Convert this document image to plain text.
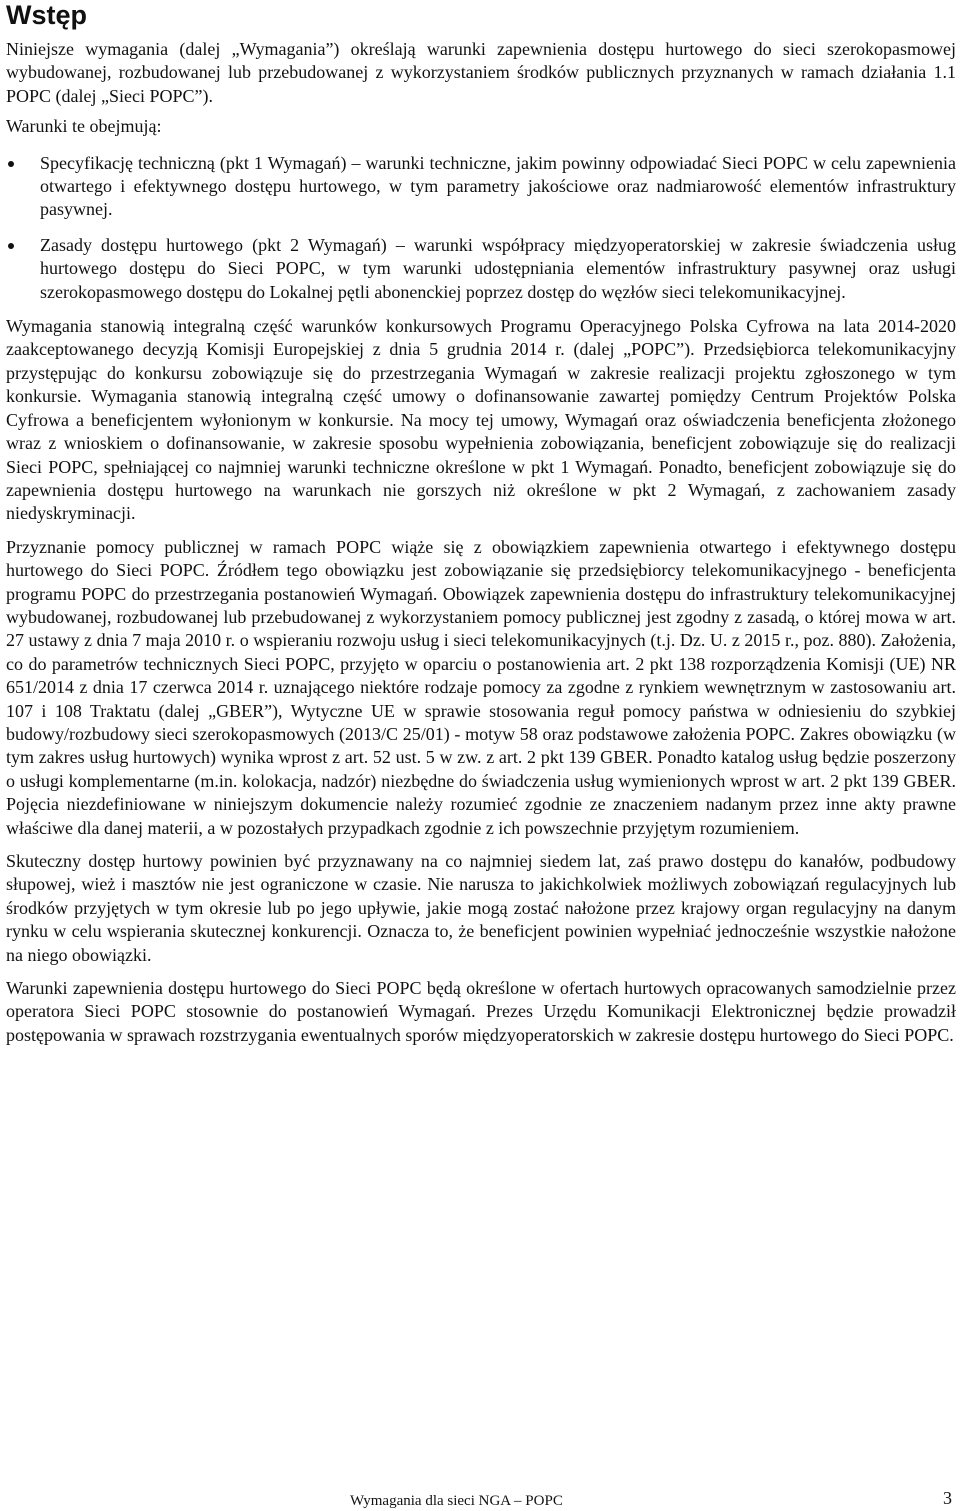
Wstęp

Niniejsze wymagania (dalej „Wymagania”) określają warunki zapewnienia dostępu hurtowego do sieci szerokopasmowej wybudowanej, rozbudowanej lub przebudowanej z wykorzystaniem środków publicznych przyznanych w ramach działania 1.1 POPC (dalej „Sieci POPC”).

Warunki te obejmują:

Specyfikację techniczną (pkt 1 Wymagań) – warunki techniczne, jakim powinny odpowiadać Sieci POPC w celu zapewnienia otwartego i efektywnego dostępu hurtowego, w tym parametry jakościowe oraz nadmiarowość elementów infrastruktury pasywnej.
Zasady dostępu hurtowego (pkt 2 Wymagań) – warunki współpracy międzyoperatorskiej w zakresie świadczenia usług hurtowego dostępu do Sieci POPC, w tym warunki udostępniania elementów infrastruktury pasywnej oraz usługi szerokopasmowego dostępu do Lokalnej pętli abonenckiej poprzez dostęp do węzłów sieci telekomunikacyjnej.

Wymagania stanowią integralną część warunków konkursowych Programu Operacyjnego Polska Cyfrowa na lata 2014-2020 zaakceptowanego decyzją Komisji Europejskiej z dnia 5 grudnia 2014 r. (dalej „POPC”). Przedsiębiorca telekomunikacyjny przystępując do konkursu zobowiązuje się do przestrzegania Wymagań w zakresie realizacji projektu zgłoszonego w tym konkursie. Wymagania stanowią integralną część umowy o dofinansowanie zawartej pomiędzy Centrum Projektów Polska Cyfrowa a beneficjentem wyłonionym w konkursie. Na mocy tej umowy, Wymagań oraz oświadczenia beneficjenta złożonego wraz z wnioskiem o dofinansowanie, w zakresie sposobu wypełnienia zobowiązania, beneficjent zobowiązuje się do realizacji Sieci POPC, spełniającej co najmniej warunki techniczne określone w pkt 1 Wymagań. Ponadto, beneficjent zobowiązuje się do zapewnienia dostępu hurtowego na warunkach nie gorszych niż określone w pkt 2 Wymagań, z zachowaniem zasady niedyskryminacji.

Przyznanie pomocy publicznej w ramach POPC wiąże się z obowiązkiem zapewnienia otwartego i efektywnego dostępu hurtowego do Sieci POPC. Źródłem tego obowiązku jest zobowiązanie się przedsiębiorcy telekomunikacyjnego - beneficjenta programu POPC do przestrzegania postanowień Wymagań. Obowiązek zapewnienia dostępu do infrastruktury telekomunikacyjnej wybudowanej, rozbudowanej lub przebudowanej z wykorzystaniem pomocy publicznej jest zgodny z zasadą, o której mowa w art. 27 ustawy z dnia 7 maja 2010 r. o wspieraniu rozwoju usług i sieci telekomunikacyjnych (t.j. Dz. U. z 2015 r., poz. 880). Założenia, co do parametrów technicznych Sieci POPC, przyjęto w oparciu o postanowienia art. 2 pkt 138 rozporządzenia Komisji (UE) NR 651/2014 z dnia 17 czerwca 2014 r. uznającego niektóre rodzaje pomocy za zgodne z rynkiem wewnętrznym w zastosowaniu art. 107 i 108 Traktatu (dalej „GBER”), Wytyczne UE w sprawie stosowania reguł pomocy państwa w odniesieniu do szybkiej budowy/rozbudowy sieci szerokopasmowych (2013/C 25/01) - motyw 58 oraz podstawowe założenia POPC. Zakres obowiązku (w tym zakres usług hurtowych) wynika wprost z art. 52 ust. 5 w zw. z art. 2 pkt 139 GBER. Ponadto katalog usług będzie poszerzony o usługi komplementarne (m.in. kolokacja, nadzór) niezbędne do świadczenia usług wymienionych wprost w art. 2 pkt 139 GBER. Pojęcia niezdefiniowane w niniejszym dokumencie należy rozumieć zgodnie ze znaczeniem nadanym przez inne akty prawne właściwe dla danej materii, a w pozostałych przypadkach zgodnie z ich powszechnie przyjętym rozumieniem.

Skuteczny dostęp hurtowy powinien być przyznawany na co najmniej siedem lat, zaś prawo dostępu do kanałów, podbudowy słupowej, wież i masztów nie jest ograniczone w czasie. Nie narusza to jakichkolwiek możliwych zobowiązań regulacyjnych lub środków przyjętych w tym okresie lub po jego upływie, jakie mogą zostać nałożone przez krajowy organ regulacyjny na danym rynku w celu wspierania skutecznej konkurencji. Oznacza to, że beneficjent powinien wypełniać jednocześnie wszystkie nałożone na niego obowiązki.

Warunki zapewnienia dostępu hurtowego do Sieci POPC będą określone w ofertach hurtowych opracowanych samodzielnie przez operatora Sieci POPC stosownie do postanowień Wymagań. Prezes Urzędu Komunikacji Elektronicznej będzie prowadził postępowania w sprawach rozstrzygania ewentualnych sporów międzyoperatorskich w zakresie dostępu hurtowego do Sieci POPC.

Wymagania dla sieci NGA – POPC	3
